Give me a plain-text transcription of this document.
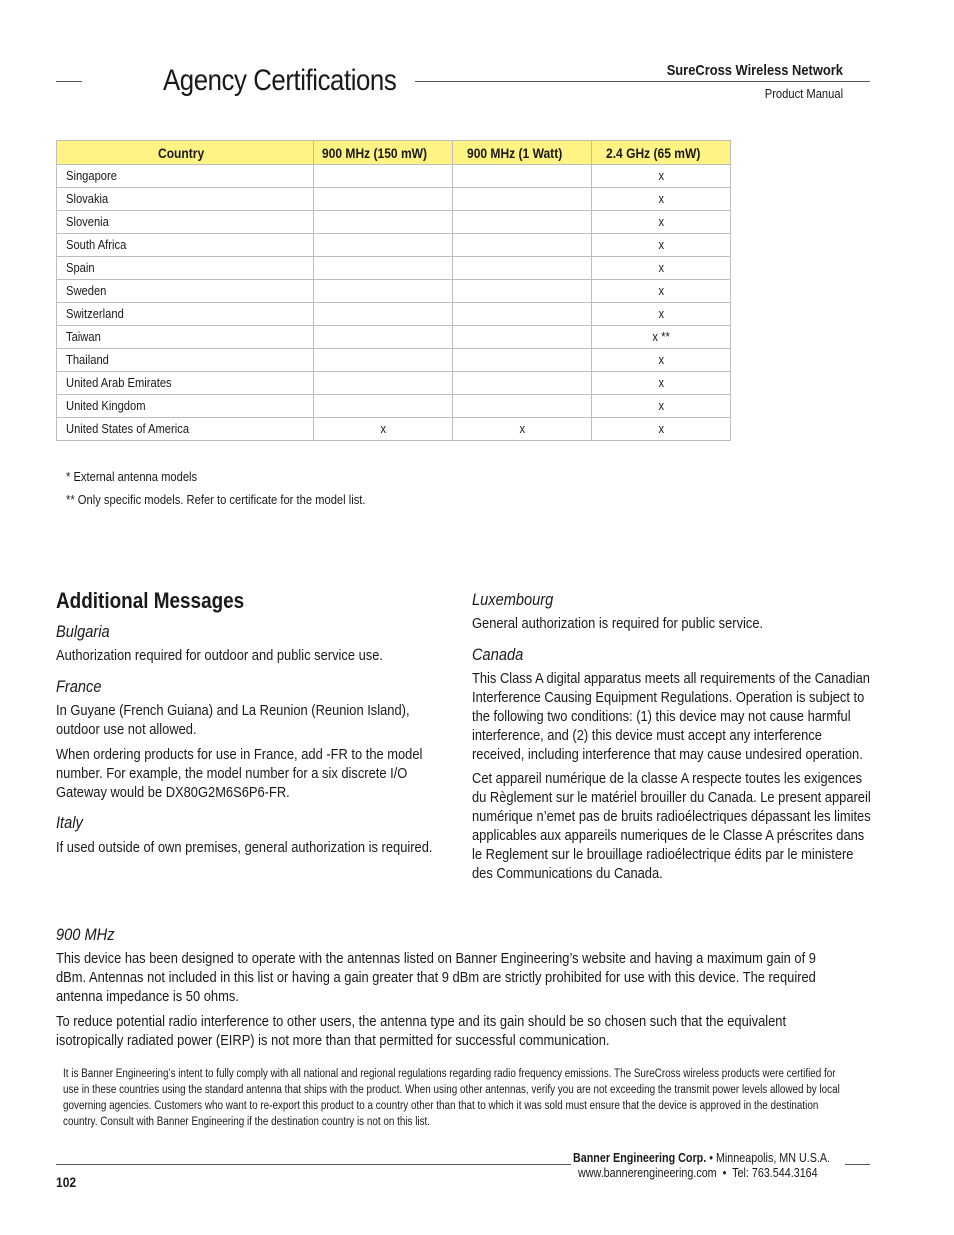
Agency Certifications	SureCross Wireless Network
Product Manual
Country	900 MHz (150 mW)	900 MHz (1 Watt)	2.4 GHz (65 mW)

Singapore			x
Slovakia			x
Slovenia			x
South Africa			x
Spain			x
Sweden			x
Switzerland			x
Taiwan			x **
Thailand			x
United Arab Emirates			x
United Kingdom			x
United States of America	x	x	x
* External antenna models
** Only specific models. Refer to certificate for the model list.
Additional Messages
Bulgaria
Authorization required for outdoor and public service use.
France
In Guyane (French Guiana) and La Reunion (Reunion Island), outdoor use not allowed.
When ordering products for use in France, add -FR to the model number. For example, the model number for a six discrete I/O Gateway would be DX80G2M6S6P6-FR.
Italy
If used outside of own premises, general authorization is required.
Luxembourg
General authorization is required for public service.
Canada
This Class A digital apparatus meets all requirements of the Canadian Interference Causing Equipment Regulations. Operation is subject to the following two conditions: (1) this device may not cause harmful interference, and (2) this device must accept any interference received, including interference that may cause undesired operation.
Cet appareil numérique de la classe A respecte toutes les exigences du Règlement sur le matériel brouiller du Canada. Le present appareil numérique n’emet pas de bruits radioélectriques dépassant les limites applicables aux appareils numeriques de le Classe A préscrites dans le Reglement sur le brouillage radioélectrique édits par le ministere des Communications du Canada.
900 MHz
This device has been designed to operate with the antennas listed on Banner Engineering’s website and having a maximum gain of 9 dBm. Antennas not included in this list or having a gain greater that 9 dBm are strictly prohibited for use with this device. The required antenna impedance is 50 ohms.
To reduce potential radio interference to other users, the antenna type and its gain should be so chosen such that the equivalent isotropically radiated power (EIRP) is not more than that permitted for successful communication.
It is Banner Engineering’s intent to fully comply with all national and regional regulations regarding radio frequency emissions. The SureCross wireless products were certified for use in these countries using the standard antenna that ships with the product. When using other antennas, verify you are not exceeding the transmit power levels allowed by local governing agencies. Customers who want to re-export this product to a country other than that to which it was sold must ensure that the device is approved in the destination country. Consult with Banner Engineering if the destination country is not on this list.
102
Banner Engineering Corp. • Minneapolis, MN U.S.A.
www.bannerengineering.com  •  Tel: 763.544.3164
